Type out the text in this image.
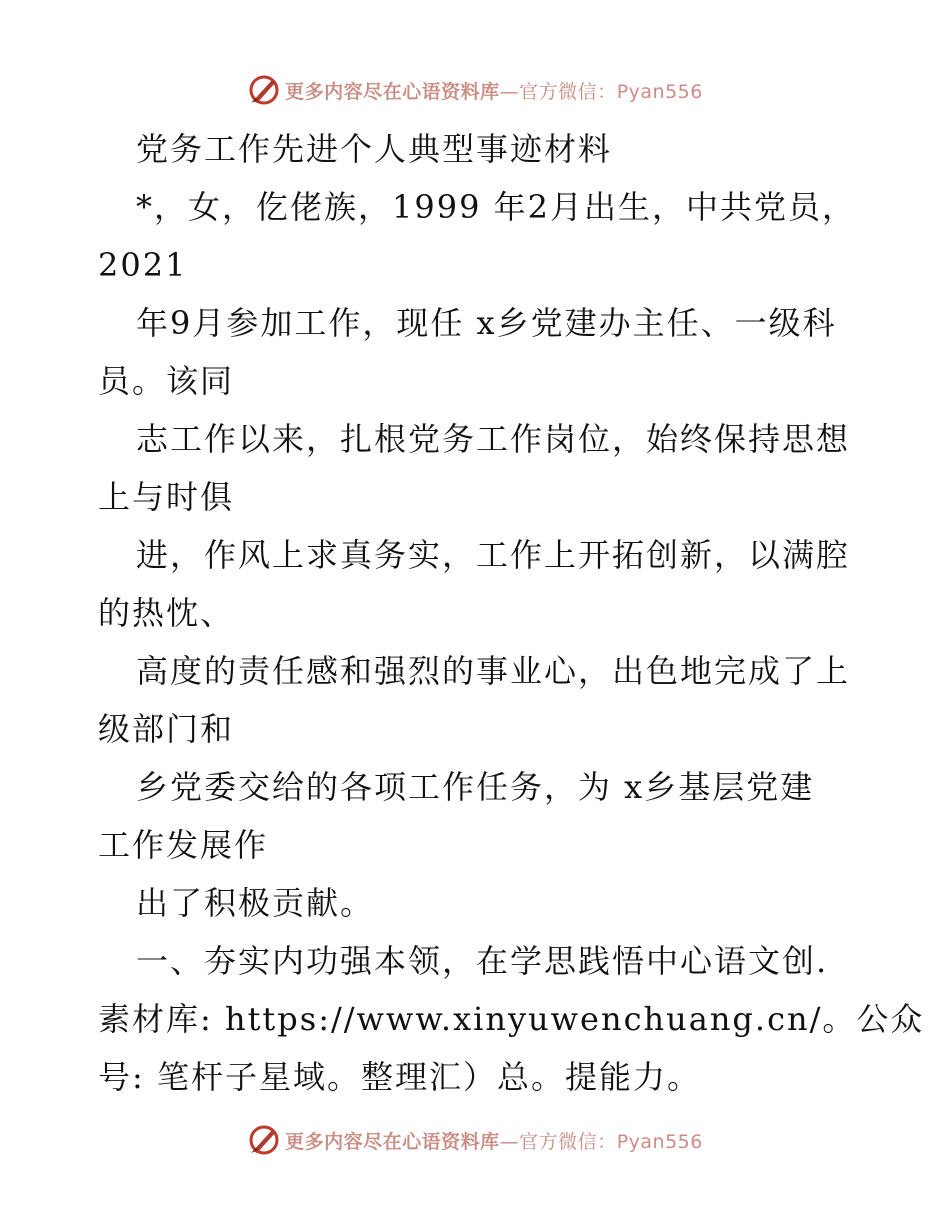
更多内容尽在心语资料库—官方微信：Pyan556
党务工作先进个人典型事迹材料
*，女，仡佬族，1999 年2月出生，中共党员，
2021
年9月参加工作，现任 x乡党建办主任、一级科
员。该同
志工作以来，扎根党务工作岗位，始终保持思想
上与时俱
进，作风上求真务实，工作上开拓创新，以满腔
的热忱、
高度的责任感和强烈的事业心，出色地完成了上
级部门和
乡党委交给的各项工作任务，为 x乡基层党建
工作发展作
出了积极贡献。
一、夯实内功强本领，在学思践悟中心语文创.
素材库: https://www.xinyuwenchuang.cn/。公众
号: 笔杆子星域。整理汇）总。提能力。
更多内容尽在心语资料库—官方微信：Pyan556
